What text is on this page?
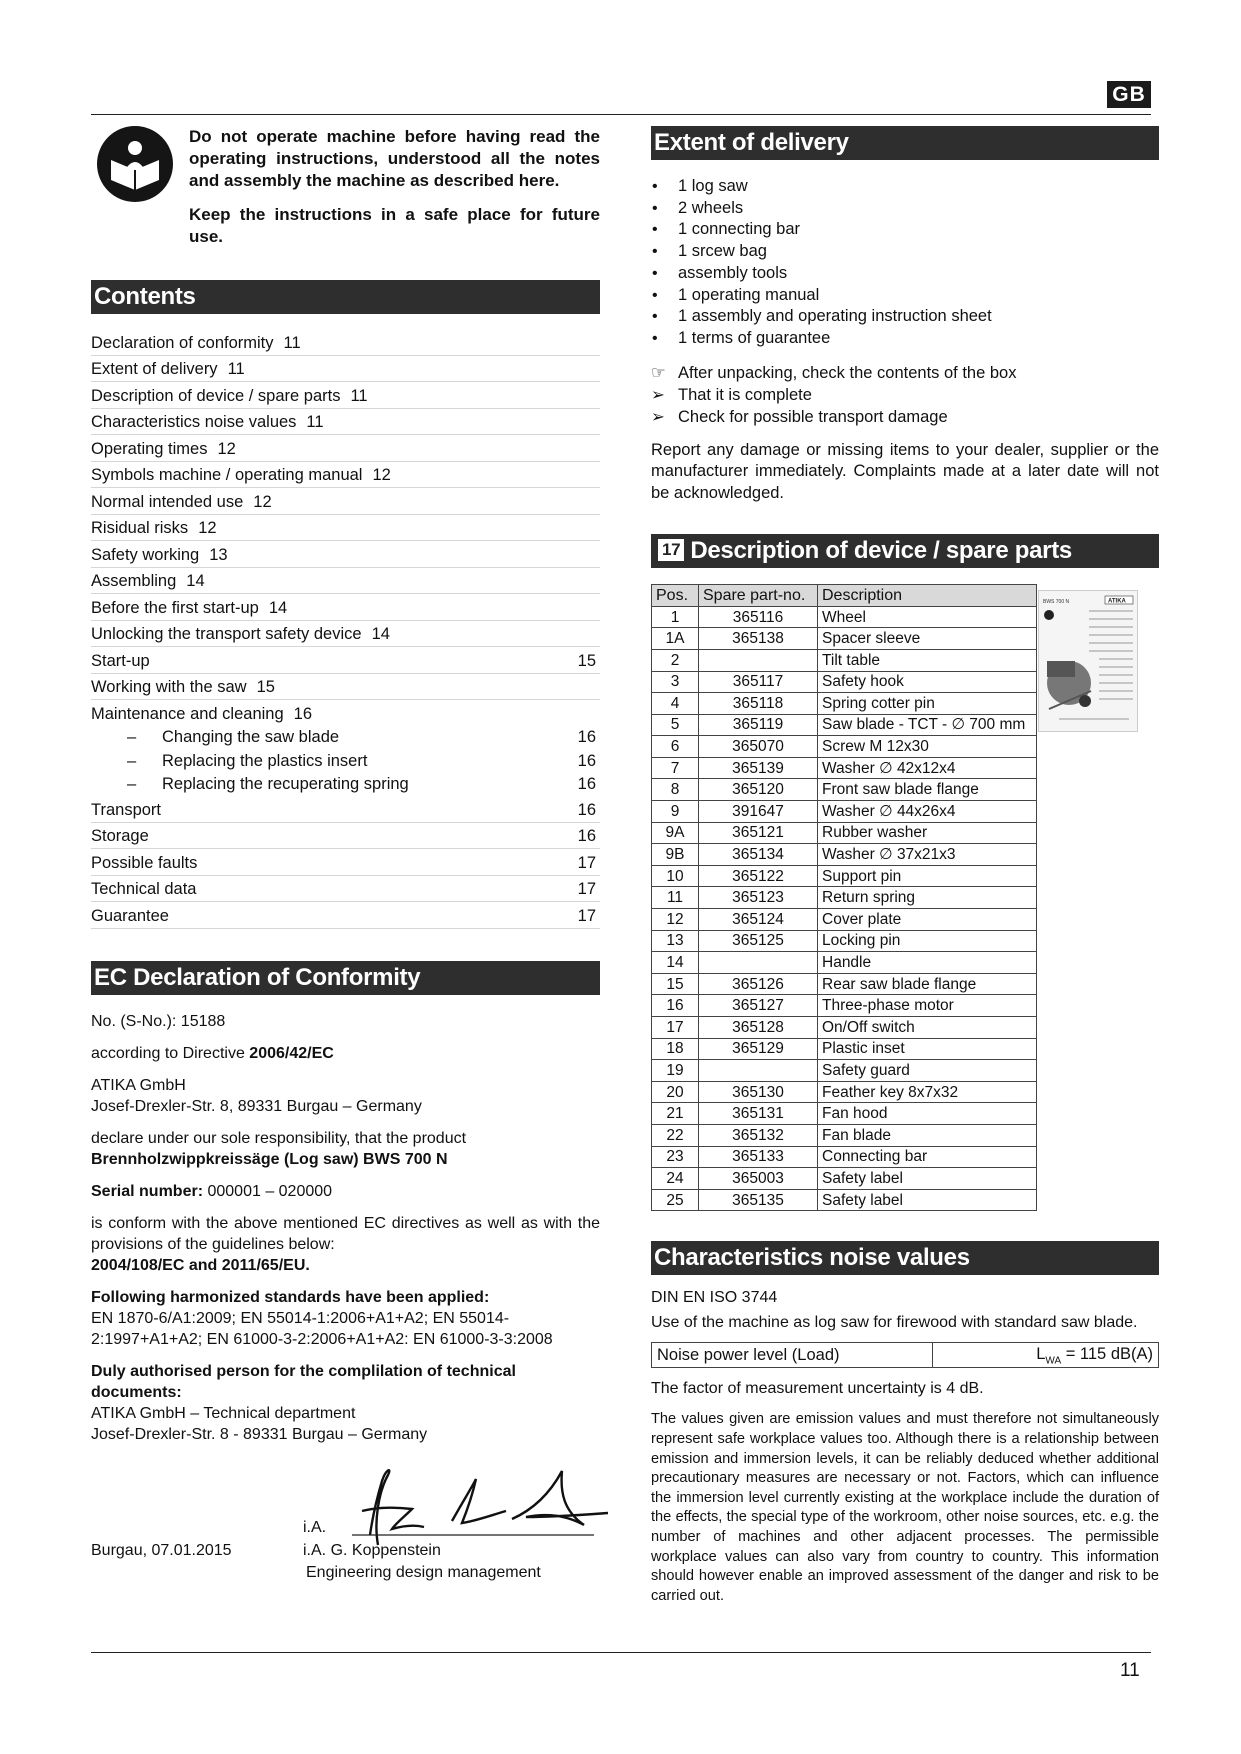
GB
11

Do not operate machine before having read the operating instructions, understood all the notes and assembly the machine as described here.

Keep the instructions in a safe place for future use.

Contents
Declaration of conformity 11
Extent of delivery 11
Description of device / spare parts 11
Characteristics noise values 11
Operating times 12
Symbols machine / operating manual 12
Normal intended use 12
Risidual risks 12
Safety working 13
Assembling 14
Before the first start-up 14
Unlocking the transport safety device 14
Start-up	15
Working with the saw 15
Maintenance and cleaning 16
– Changing the saw blade	16
– Replacing the plastics insert	16
– Replacing the recuperating spring	16
Transport	16
Storage	16
Possible faults	17
Technical data	17
Guarantee	17
EC Declaration of Conformity

No. (S-No.): 15188

according to Directive 2006/42/EC

ATIKA GmbH

Josef-Drexler-Str. 8, 89331 Burgau – Germany

declare under our sole responsibility, that the product

Brennholzwippkreissäge (Log saw) BWS 700 N

Serial number: 000001 – 020000

is conform with the above mentioned EC directives as well as with the provisions of the guidelines below:

2004/108/EC and 2011/65/EU.

Following harmonized standards have been applied:

EN 1870-6/A1:2009; EN 55014-1:2006+A1+A2; EN 55014-2:1997+A1+A2; EN 61000-3-2:2006+A1+A2: EN 61000-3-3:2008

Duly authorised person for the complilation of technical documents:

ATIKA GmbH – Technical department

Josef-Drexler-Str. 8 - 89331 Burgau – Germany

i.A.
Burgau, 07.01.2015	i.A. G. Koppenstein
Engineering design management
Extent of delivery
• 1 log saw
• 2 wheels
• 1 connecting bar
• 1 srcew bag
• assembly tools
• 1 operating manual
• 1 assembly and operating instruction sheet
• 1 terms of guarantee
☞ After unpacking, check the contents of the box
➢ That it is complete
➢ Check for possible transport damage

Report any damage or missing items to your dealer, supplier or the manufacturer immediately. Complaints made at a later date will not be acknowledged.

17 Description of device / spare parts
Pos.	Spare part-no.	Description
1	365116	Wheel
1A	365138	Spacer sleeve
2		Tilt table
3	365117	Safety hook
4	365118	Spring cotter pin
5	365119	Saw blade - TCT - ∅ 700 mm
6	365070	Screw M 12x30
7	365139	Washer ∅ 42x12x4
8	365120	Front saw blade flange
9	391647	Washer ∅ 44x26x4
9A	365121	Rubber washer
9B	365134	Washer ∅ 37x21x3
10	365122	Support pin
11	365123	Return spring
12	365124	Cover plate
13	365125	Locking pin
14		Handle
15	365126	Rear saw blade flange
16	365127	Three-phase motor
17	365128	On/Off switch
18	365129	Plastic inset
19		Safety guard
20	365130	Feather key 8x7x32
21	365131	Fan hood
22	365132	Fan blade
23	365133	Connecting bar
24	365003	Safety label
25	365135	Safety label
BWS 700 N	ATIKA
Characteristics noise values

DIN EN ISO 3744

Use of the machine as log saw for firewood with standard saw blade.

Noise power level (Load)	$L_{WA} = 115$ dB(A)

The factor of measurement uncertainty is 4 dB.

The values given are emission values and must therefore not simultaneously represent safe workplace values too. Although there is a relationship between emission and immersion levels, it can be reliably deduced whether additional precautionary measures are necessary or not. Factors, which can influence the immersion level currently existing at the workplace include the duration of the effects, the special type of the workroom, other noise sources, etc. e.g. the number of machines and other adjacent processes. The permissible workplace values can also vary from country to country. This information should however enable an improved assessment of the danger and risk to be carried out.
